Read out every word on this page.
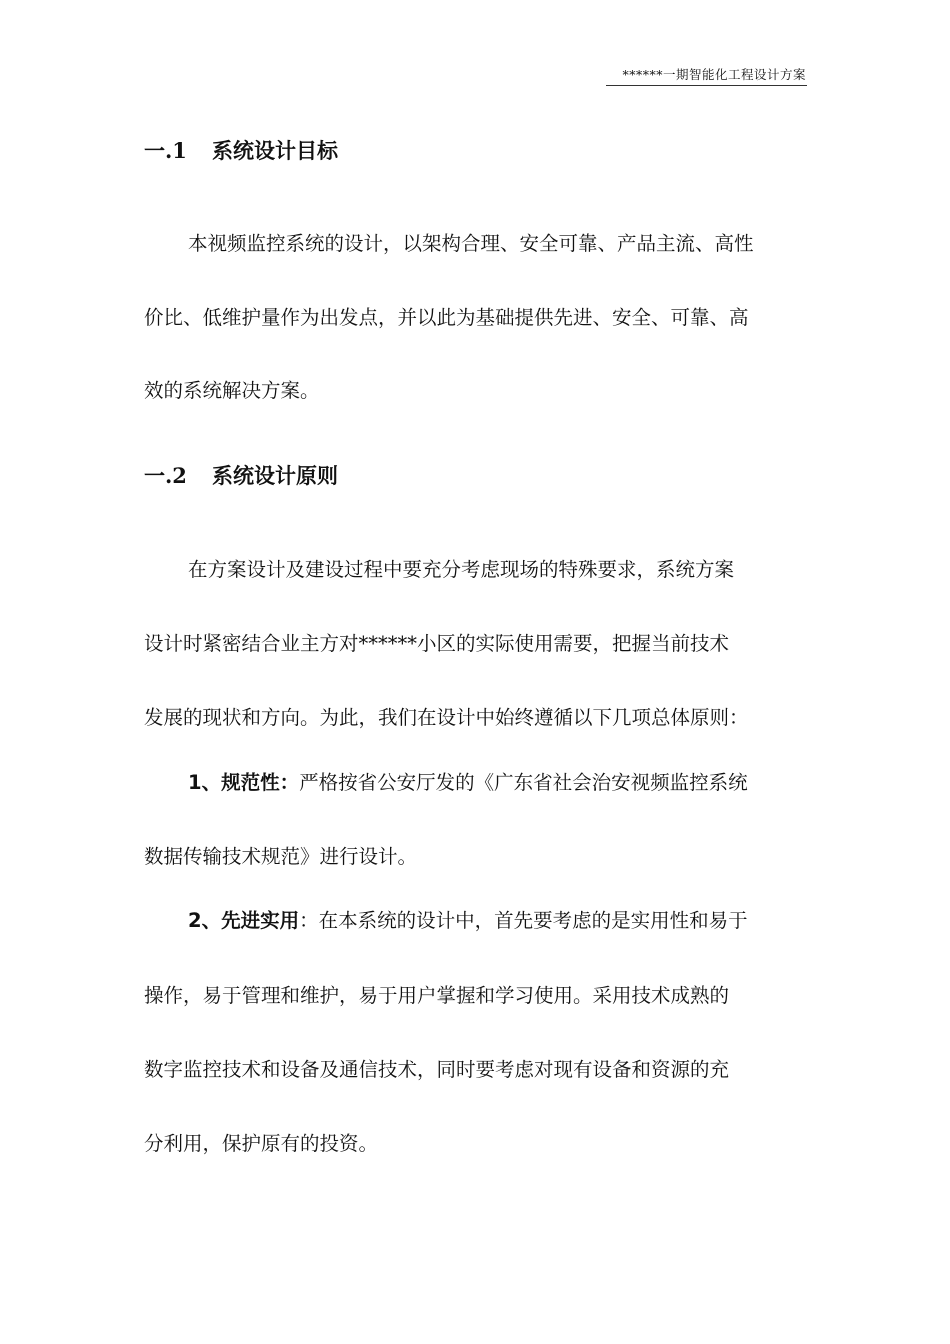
******一期智能化工程设计方案
一.1 系统设计目标
本视频监控系统的设计，以架构合理、安全可靠、产品主流、高性
价比、低维护量作为出发点，并以此为基础提供先进、安全、可靠、高
效的系统解决方案。
一.2 系统设计原则
在方案设计及建设过程中要充分考虑现场的特殊要求，系统方案
设计时紧密结合业主方对******小区的实际使用需要，把握当前技术
发展的现状和方向。为此，我们在设计中始终遵循以下几项总体原则：
1、规范性：严格按省公安厅发的《广东省社会治安视频监控系统
数据传输技术规范》进行设计。
2、先进实用：在本系统的设计中，首先要考虑的是实用性和易于
操作，易于管理和维护，易于用户掌握和学习使用。采用技术成熟的
数字监控技术和设备及通信技术，同时要考虑对现有设备和资源的充
分利用，保护原有的投资。
